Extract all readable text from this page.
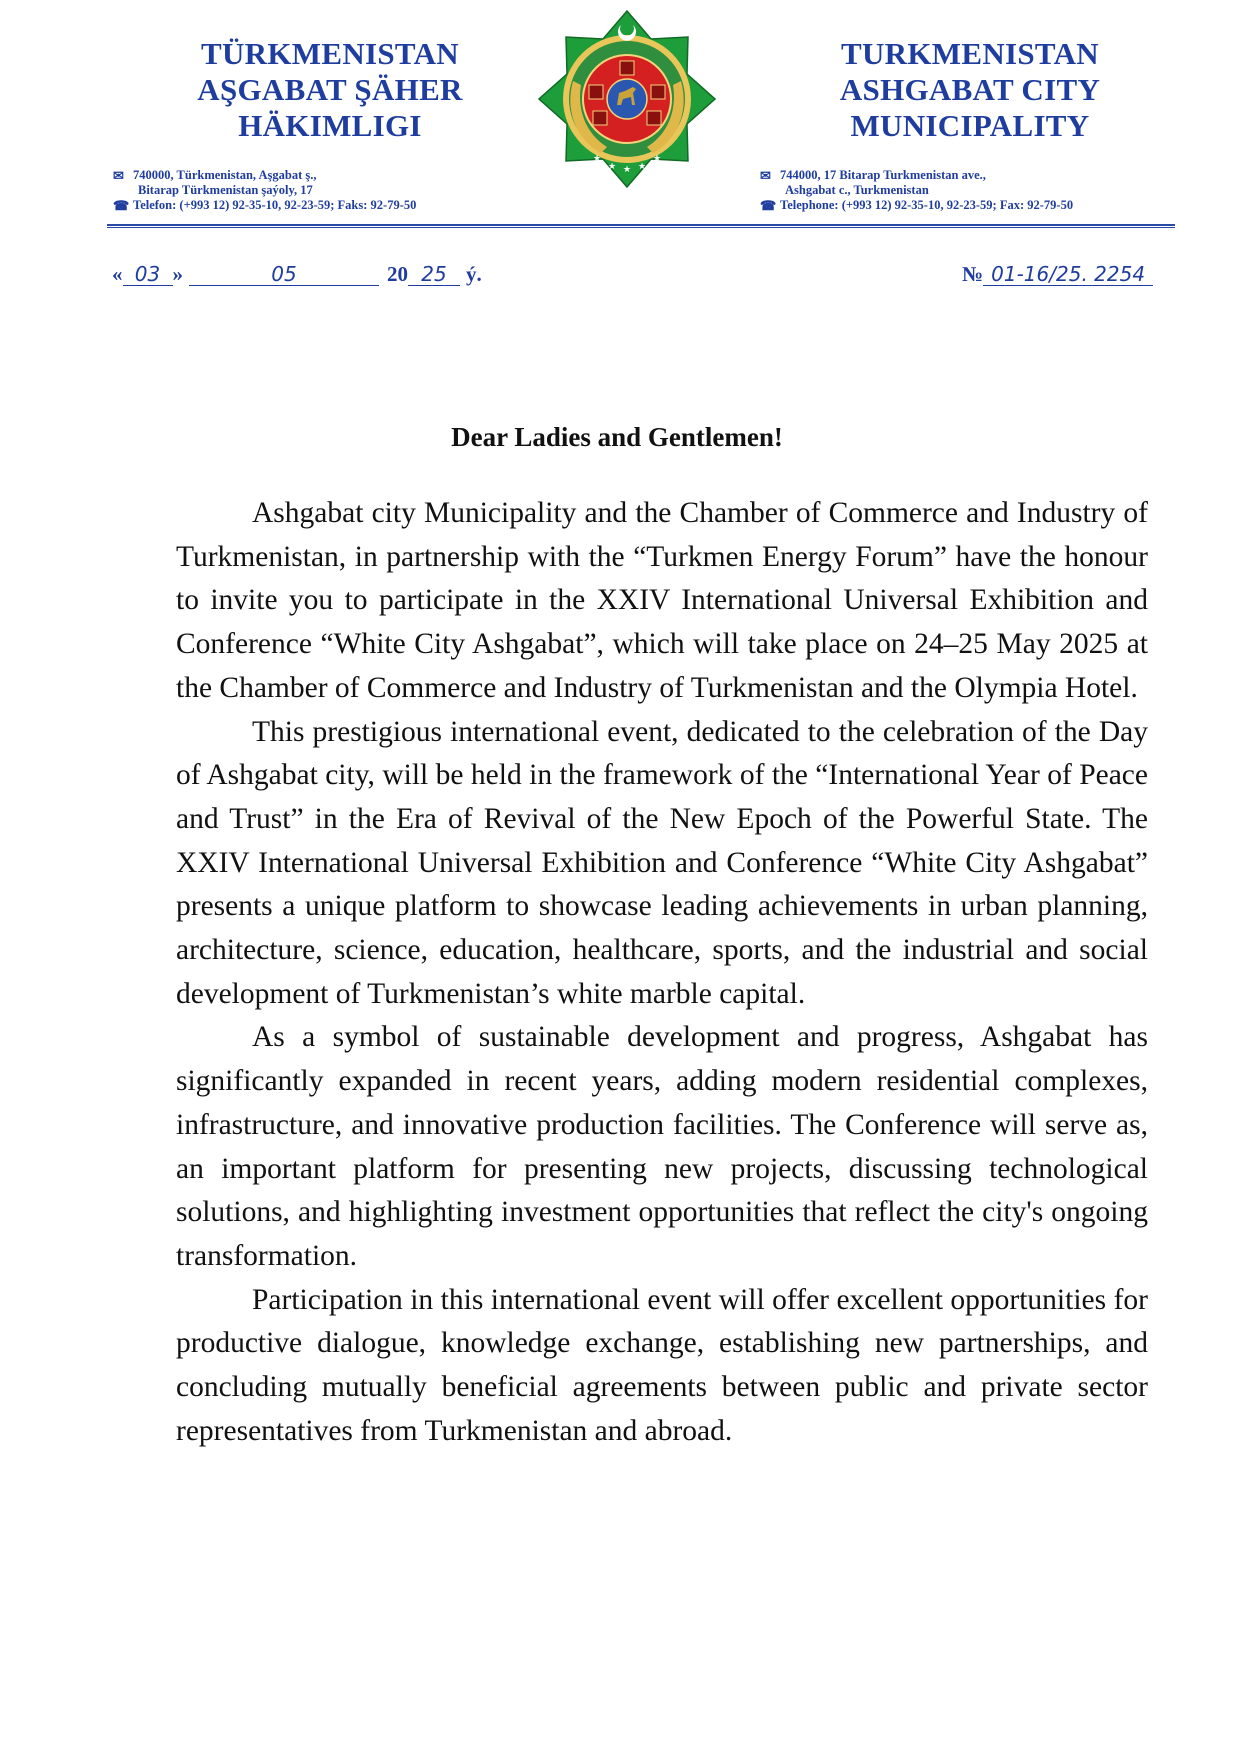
TÜRKMENISTAN
AŞGABAT ŞÄHER
HÄKIMLIGI
TURKMENISTAN
ASHGABAT CITY
MUNICIPALITY
★
★ ★ ★
★
✉ 740000, Türkmenistan, Aşgabat ş.,
Bitarap Türkmenistan şaýoly, 17
☎ Telefon: (+993 12) 92-35-10, 92-23-59; Faks: 92-79-50
✉ 744000, 17 Bitarap Turkmenistan ave.,
Ashgabat c., Turkmenistan
☎ Telephone: (+993 12) 92-35-10, 92-23-59; Fax: 92-79-50
« 03 »	05	20 25 ý.	№ 01-16/25. 2254
Dear Ladies and Gentlemen!

Ashgabat city Municipality and the Chamber of Commerce and Industry of Turkmenistan, in partnership with the “Turkmen Energy Forum” have the honour to invite you to participate in the XXIV International Universal Exhibition and Conference “White City Ashgabat”, which will take place on 24–25 May 2025 at the Chamber of Commerce and Industry of Turkmenistan and the Olympia Hotel.

This prestigious international event, dedicated to the celebration of the Day of Ashgabat city, will be held in the framework of the “International Year of Peace and Trust” in the Era of Revival of the New Epoch of the Powerful State. The XXIV International Universal Exhibition and Conference “White City Ashgabat” presents a unique platform to showcase leading achievements in urban planning, architecture, science, education, healthcare, sports, and the industrial and social development of Turkmenistan’s white marble capital.

As a symbol of sustainable development and progress, Ashgabat has significantly expanded in recent years, adding modern residential complexes, infrastructure, and innovative production facilities. The Conference will serve as, an important platform for presenting new projects, discussing technological solutions, and highlighting investment opportunities that reflect the city's ongoing transformation.

Participation in this international event will offer excellent opportunities for productive dialogue, knowledge exchange, establishing new partnerships, and concluding mutually beneficial agreements between public and private sector representatives from Turkmenistan and abroad.
